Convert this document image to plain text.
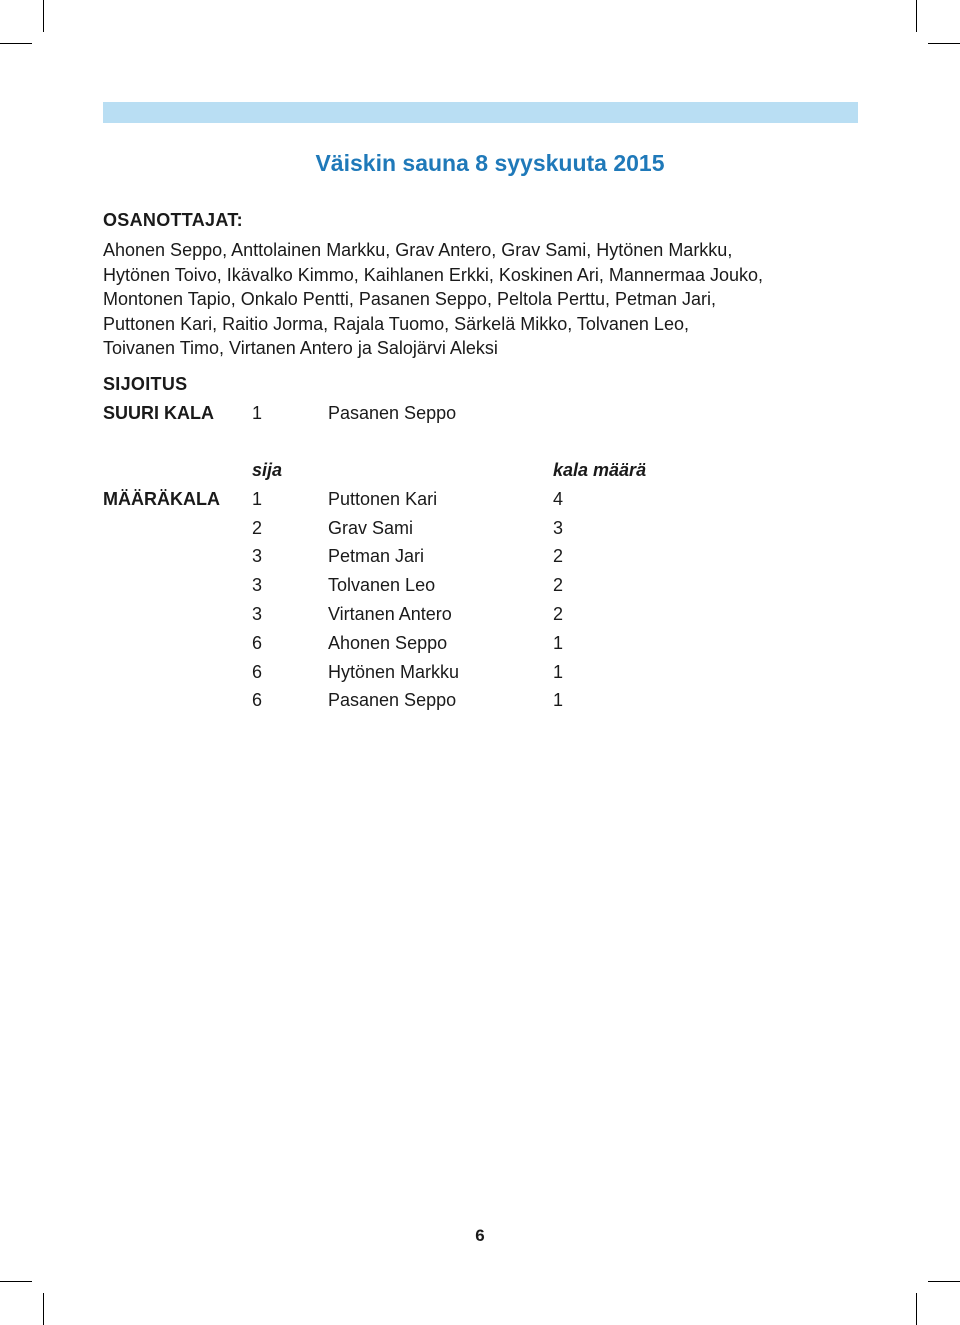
Väiskin sauna 8 syyskuuta 2015
OSANOTTAJAT:
Ahonen Seppo, Anttolainen Markku, Grav Antero, Grav Sami, Hytönen Markku,
Hytönen Toivo, Ikävalko Kimmo, Kaihlanen Erkki, Koskinen Ari, Mannermaa Jouko,
Montonen Tapio, Onkalo Pentti, Pasanen Seppo, Peltola Perttu, Petman Jari,
Puttonen Kari, Raitio Jorma, Rajala Tuomo, Särkelä Mikko, Tolvanen Leo,
Toivanen Timo, Virtanen Antero ja Salojärvi Aleksi
SIJOITUS
SUURI KALA 1	Pasanen Seppo
sija	kala määrä
MÄÄRÄKALA 1	Puttonen Kari	4
2	Grav Sami	3
3	Petman Jari	2
3	Tolvanen Leo	2
3	Virtanen Antero	2
6	Ahonen Seppo	1
6	Hytönen Markku	1
6	Pasanen Seppo	1
6
